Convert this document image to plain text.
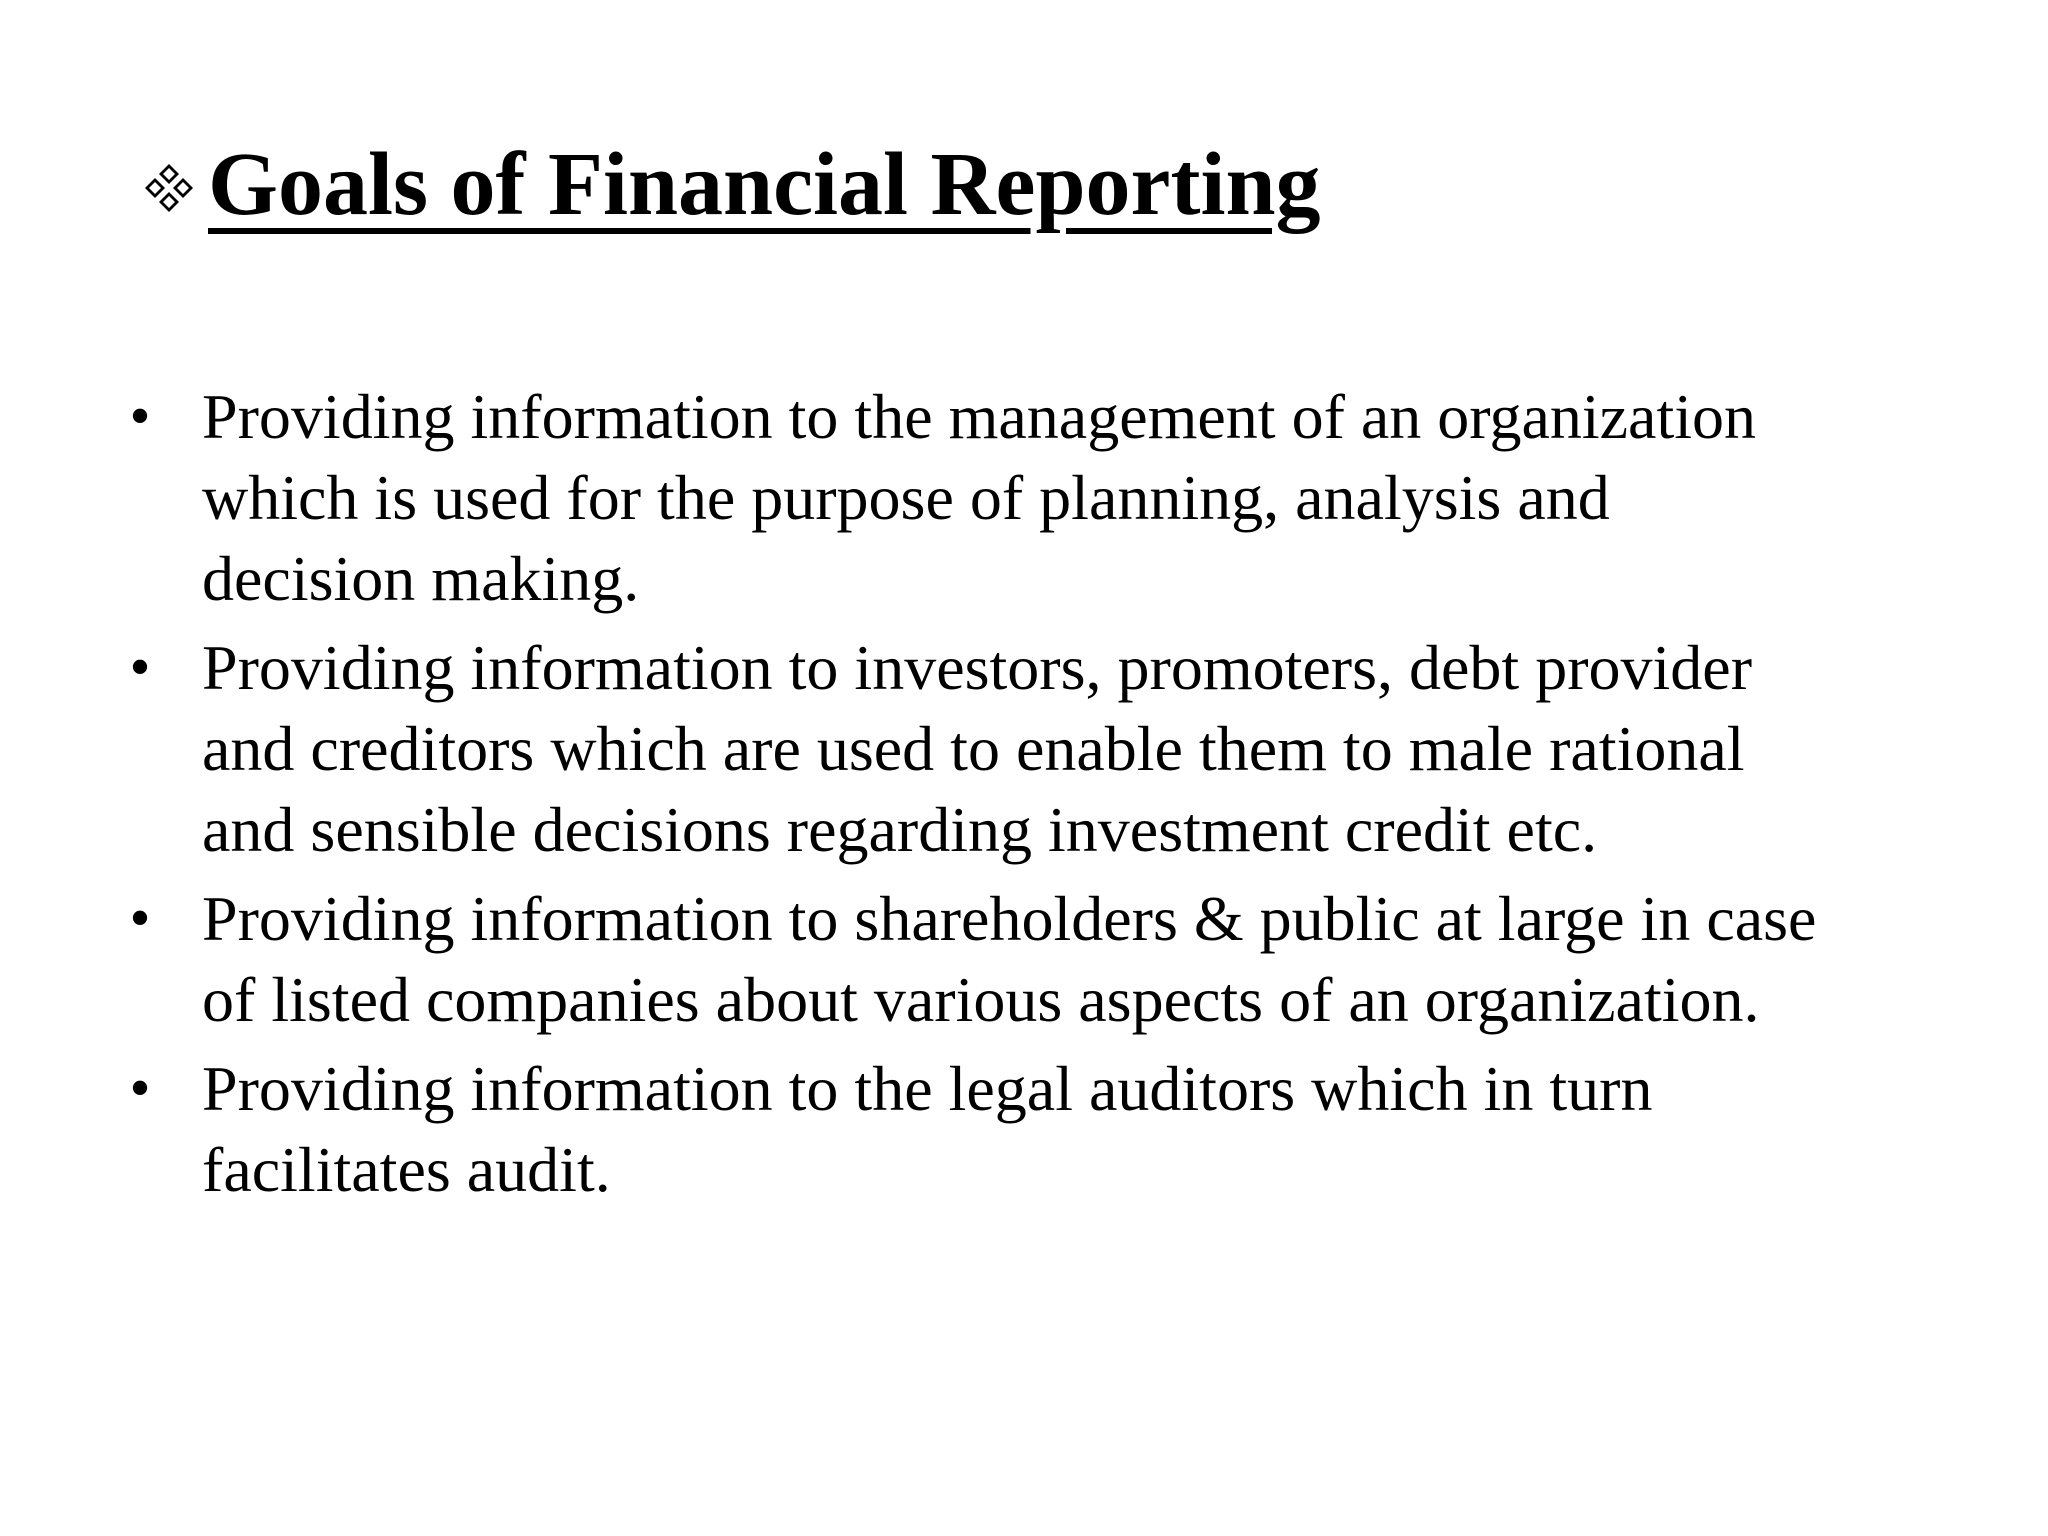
Goals of Financial Reporting
• Providing information to the management of an organization
which is used for the purpose of planning, analysis and
decision making.
• Providing information to investors, promoters, debt provider
and creditors which are used to enable them to male rational
and sensible decisions regarding investment credit etc.
• Providing information to shareholders & public at large in case
of listed companies about various aspects of an organization.
• Providing information to the legal auditors which in turn
facilitates audit.
